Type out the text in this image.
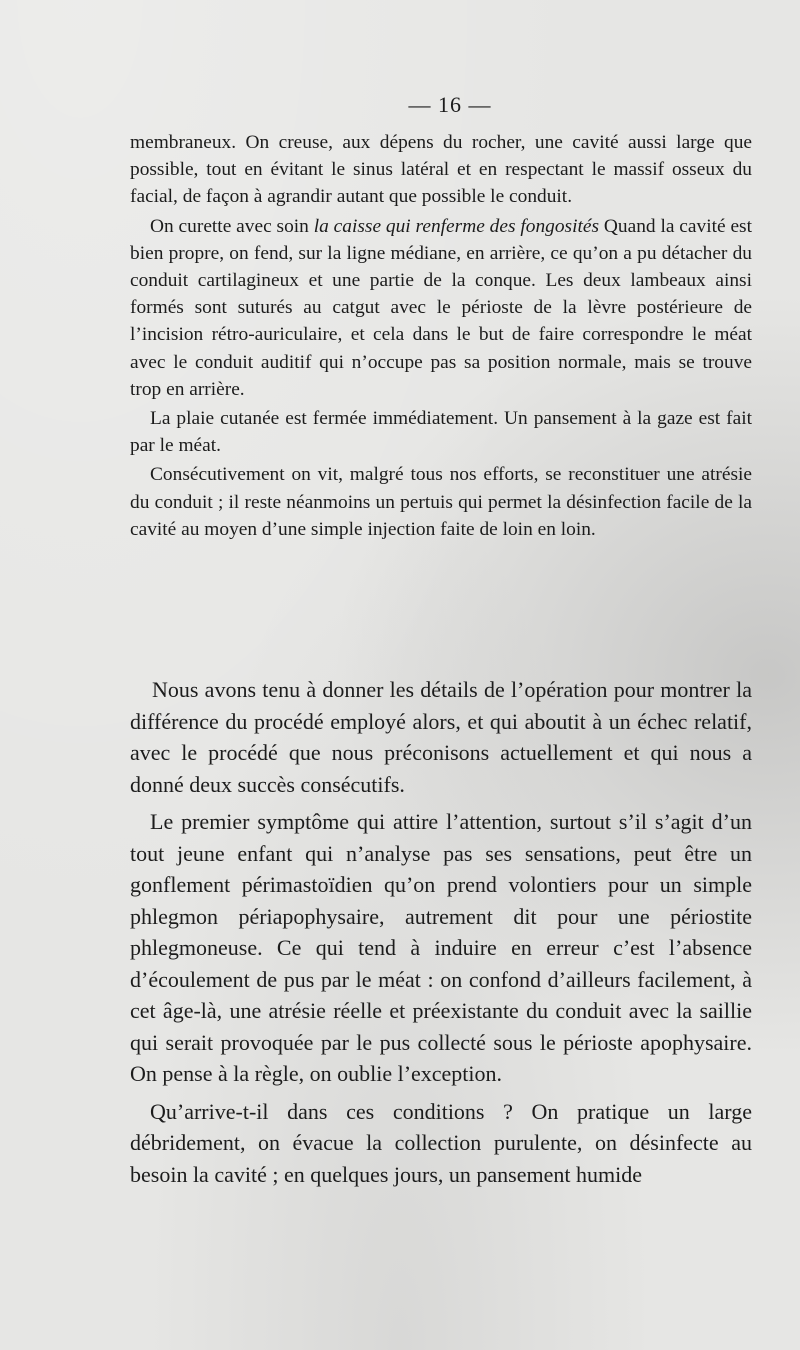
— 16 —

membraneux. On creuse, aux dépens du rocher, une cavité aussi large que possible, tout en évitant le sinus latéral et en respectant le massif osseux du facial, de façon à agrandir autant que possible le conduit.

On curette avec soin la caisse qui renferme des fongosités Quand la cavité est bien propre, on fend, sur la ligne médiane, en arrière, ce qu’on a pu détacher du conduit cartilagineux et une partie de la conque. Les deux lambeaux ainsi formés sont suturés au catgut avec le périoste de la lèvre postérieure de l’incision rétro-auriculaire, et cela dans le but de faire correspondre le méat avec le conduit auditif qui n’occupe pas sa position normale, mais se trouve trop en arrière.

La plaie cutanée est fermée immédiatement. Un pansement à la gaze est fait par le méat.

Consécutivement on vit, malgré tous nos efforts, se reconstituer une atrésie du conduit ; il reste néanmoins un pertuis qui permet la désinfection facile de la cavité au moyen d’une simple injection faite de loin en loin.

Nous avons tenu à donner les détails de l’opération pour montrer la différence du procédé employé alors, et qui aboutit à un échec relatif, avec le procédé que nous préconisons actuellement et qui nous a donné deux succès consécutifs.

Le premier symptôme qui attire l’attention, surtout s’il s’agit d’un tout jeune enfant qui n’analyse pas ses sensations, peut être un gonflement périmastoïdien qu’on prend volontiers pour un simple phlegmon périapophysaire, autrement dit pour une périostite phlegmoneuse. Ce qui tend à induire en erreur c’est l’absence d’écoulement de pus par le méat : on confond d’ailleurs facilement, à cet âge-là, une atrésie réelle et préexistante du conduit avec la saillie qui serait provoquée par le pus collecté sous le périoste apophysaire. On pense à la règle, on oublie l’exception.

Qu’arrive-t-il dans ces conditions ? On pratique un large débridement, on évacue la collection purulente, on désinfecte au besoin la cavité ; en quelques jours, un pansement humide
